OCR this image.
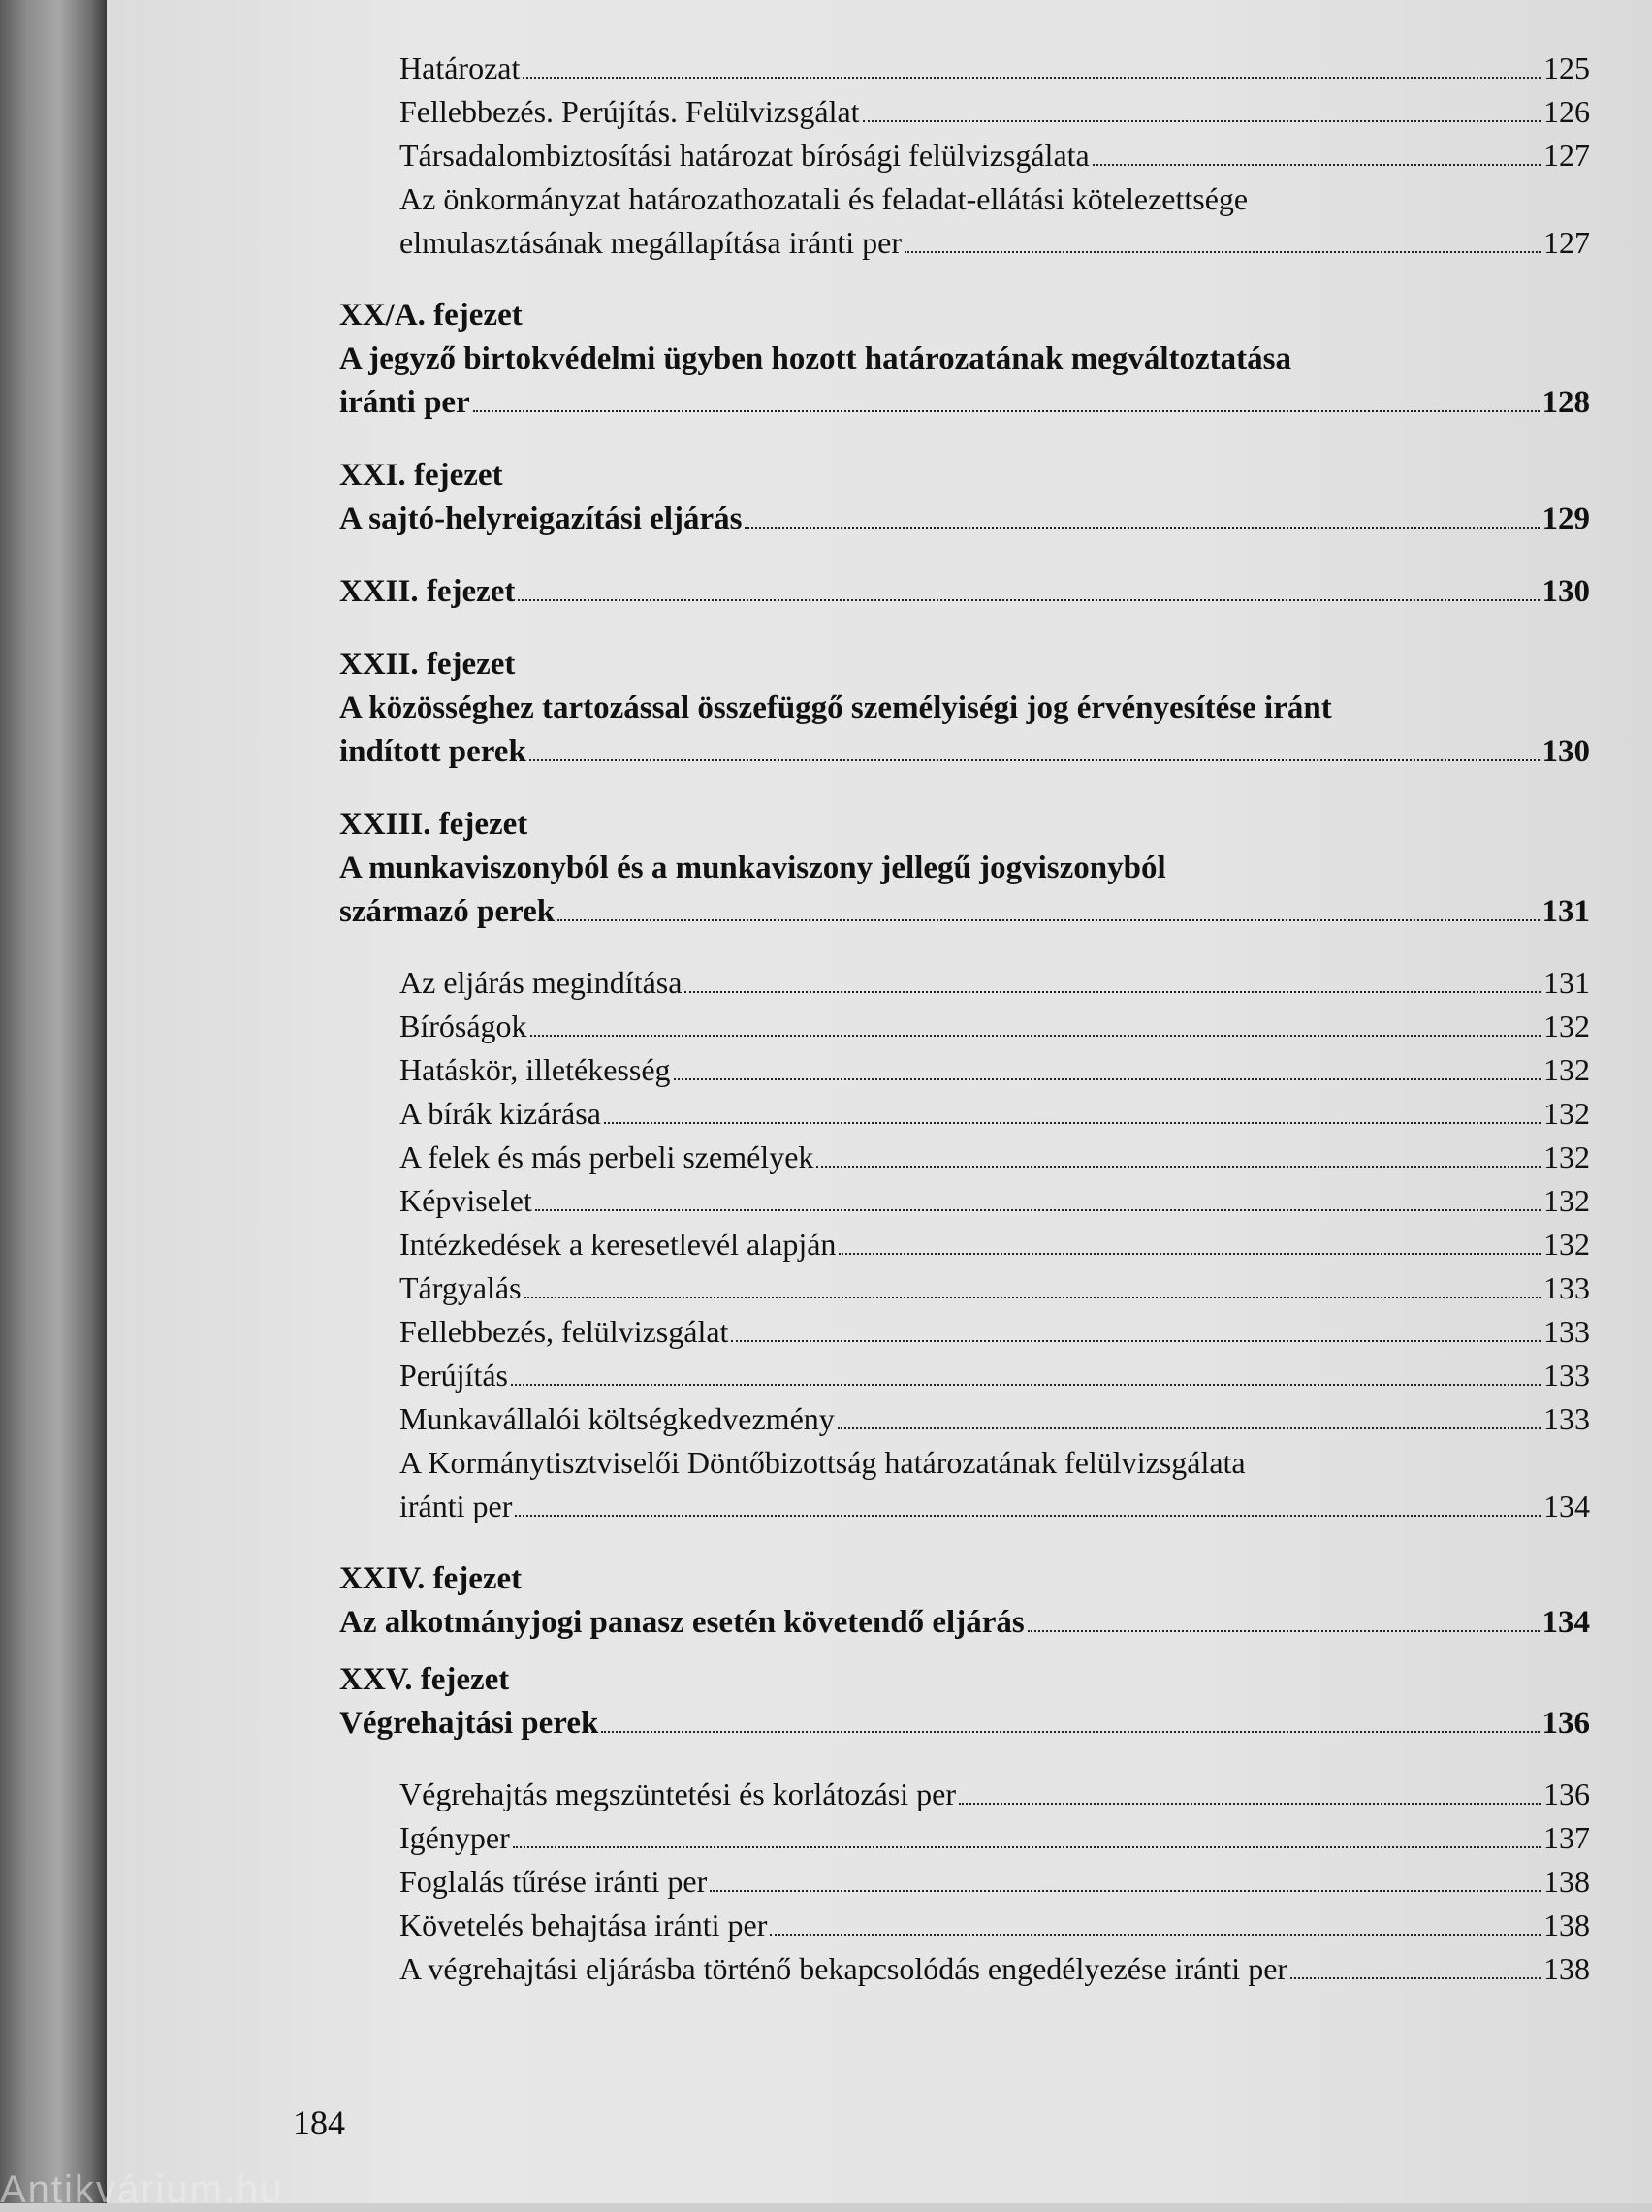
Határozat	125
Fellebbezés. Perújítás. Felülvizsgálat	126
Társadalombiztosítási határozat bírósági felülvizsgálata	127
Az önkormányzat határozathozatali és feladat-ellátási kötelezettsége
elmulasztásának megállapítása iránti per	127
XX/A. fejezet
A jegyző birtokvédelmi ügyben hozott határozatának megváltoztatása
iránti per	128
XXI. fejezet
A sajtó-helyreigazítási eljárás	129
XXII. fejezet	130
XXII. fejezet
A közösséghez tartozással összefüggő személyiségi jog érvényesítése iránt
indított perek	130
XXIII. fejezet
A munkaviszonyból és a munkaviszony jellegű jogviszonyból
származó perek	131
Az eljárás megindítása	131
Bíróságok	132
Hatáskör, illetékesség	132
A bírák kizárása	132
A felek és más perbeli személyek	132
Képviselet	132
Intézkedések a keresetlevél alapján	132
Tárgyalás	133
Fellebbezés, felülvizsgálat	133
Perújítás	133
Munkavállalói költségkedvezmény	133
A Kormánytisztviselői Döntőbizottság határozatának felülvizsgálata
iránti per	134
XXIV. fejezet
Az alkotmányjogi panasz esetén követendő eljárás	134
XXV. fejezet
Végrehajtási perek	136
Végrehajtás megszüntetési és korlátozási per	136
Igényper	137
Foglalás tűrése iránti per	138
Követelés behajtása iránti per	138
A végrehajtási eljárásba történő bekapcsolódás engedélyezése iránti per	138
184
Antikvárium.hu
